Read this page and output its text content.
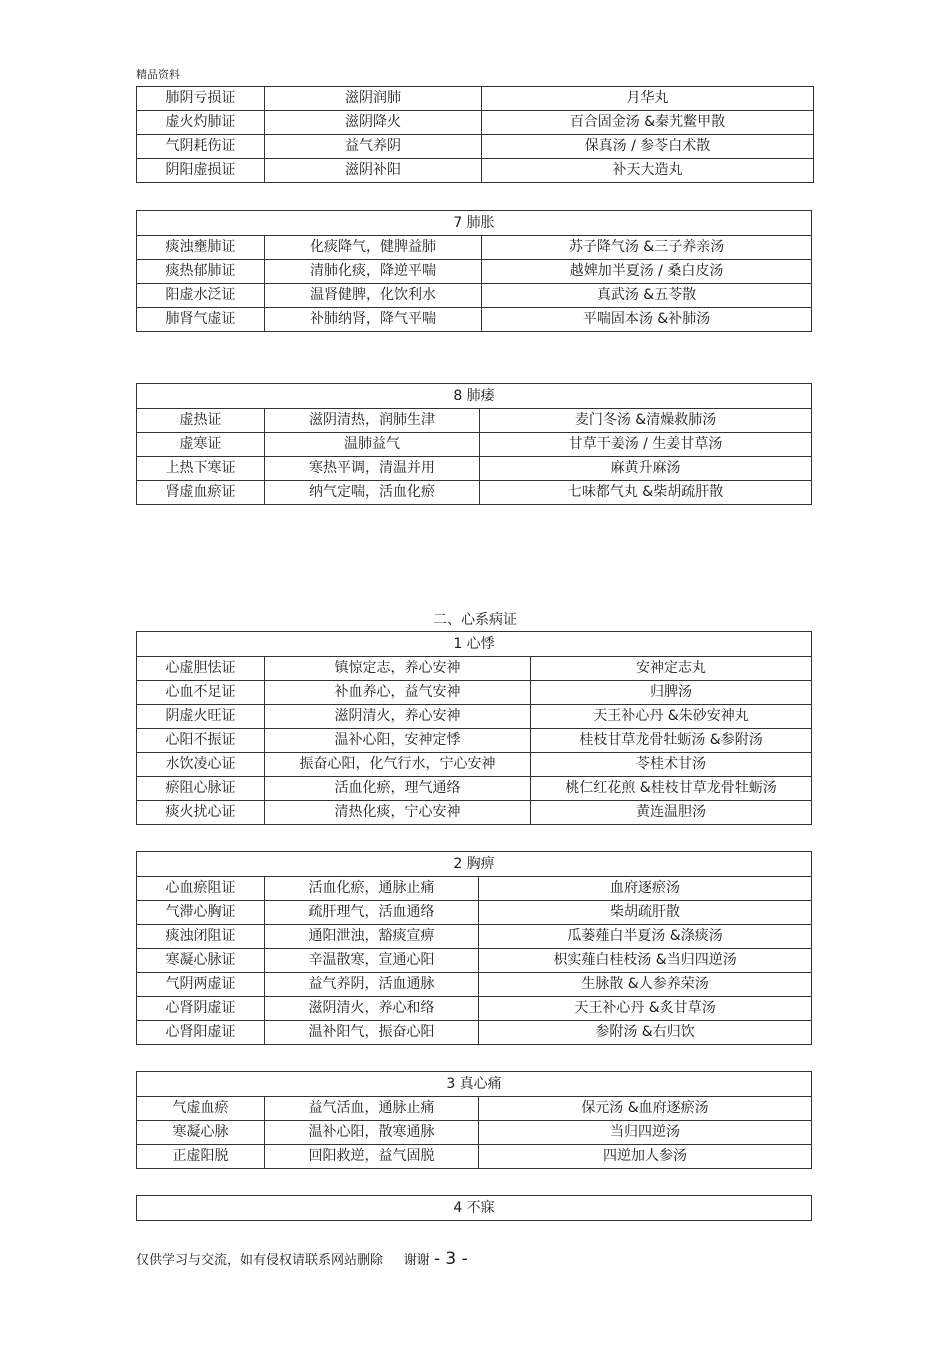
精品资料
二、心系病证
仅供学习与交流，如有侵权请联系网站删除 谢谢 - 3 -
肺阴亏损证	滋阴润肺	月华丸
虚火灼肺证	滋阴降火	百合固金汤 &秦艽鳖甲散
气阴耗伤证	益气养阴	保真汤 / 参苓白术散
阴阳虚损证	滋阴补阳	补天大造丸
7 肺胀		
痰浊壅肺证	化痰降气，健脾益肺	苏子降气汤 &三子养亲汤
痰热郁肺证	清肺化痰，降逆平喘	越婢加半夏汤 / 桑白皮汤
阳虚水泛证	温肾健脾，化饮利水	真武汤 &五苓散
肺肾气虚证	补肺纳肾，降气平喘	平喘固本汤 &补肺汤
8 肺痿		
虚热证	滋阴清热，润肺生津	麦门冬汤 &清燥救肺汤
虚寒证	温肺益气	甘草干姜汤 / 生姜甘草汤
上热下寒证	寒热平调，清温并用	麻黄升麻汤
肾虚血瘀证	纳气定喘，活血化瘀	七味都气丸 &柴胡疏肝散
1 心悸		
心虚胆怯证	镇惊定志，养心安神	安神定志丸
心血不足证	补血养心，益气安神	归脾汤
阴虚火旺证	滋阴清火，养心安神	天王补心丹 &朱砂安神丸
心阳不振证	温补心阳，安神定悸	桂枝甘草龙骨牡蛎汤 &参附汤
水饮凌心证	振奋心阳，化气行水，宁心安神	苓桂术甘汤
瘀阻心脉证	活血化瘀，理气通络	桃仁红花煎 &桂枝甘草龙骨牡蛎汤
痰火扰心证	清热化痰，宁心安神	黄连温胆汤
2 胸痹		
心血瘀阻证	活血化瘀，通脉止痛	血府逐瘀汤
气滞心胸证	疏肝理气，活血通络	柴胡疏肝散
痰浊闭阻证	通阳泄浊，豁痰宣痹	瓜蒌薤白半夏汤 &涤痰汤
寒凝心脉证	辛温散寒，宣通心阳	枳实薤白桂枝汤 &当归四逆汤
气阴两虚证	益气养阴，活血通脉	生脉散 &人参养荣汤
心肾阴虚证	滋阴清火，养心和络	天王补心丹 &炙甘草汤
心肾阳虚证	温补阳气，振奋心阳	参附汤 &右归饮
3 真心痛		
气虚血瘀	益气活血，通脉止痛	保元汤 &血府逐瘀汤
寒凝心脉	温补心阳，散寒通脉	当归四逆汤
正虚阳脱	回阳救逆，益气固脱	四逆加人参汤
4 不寐
